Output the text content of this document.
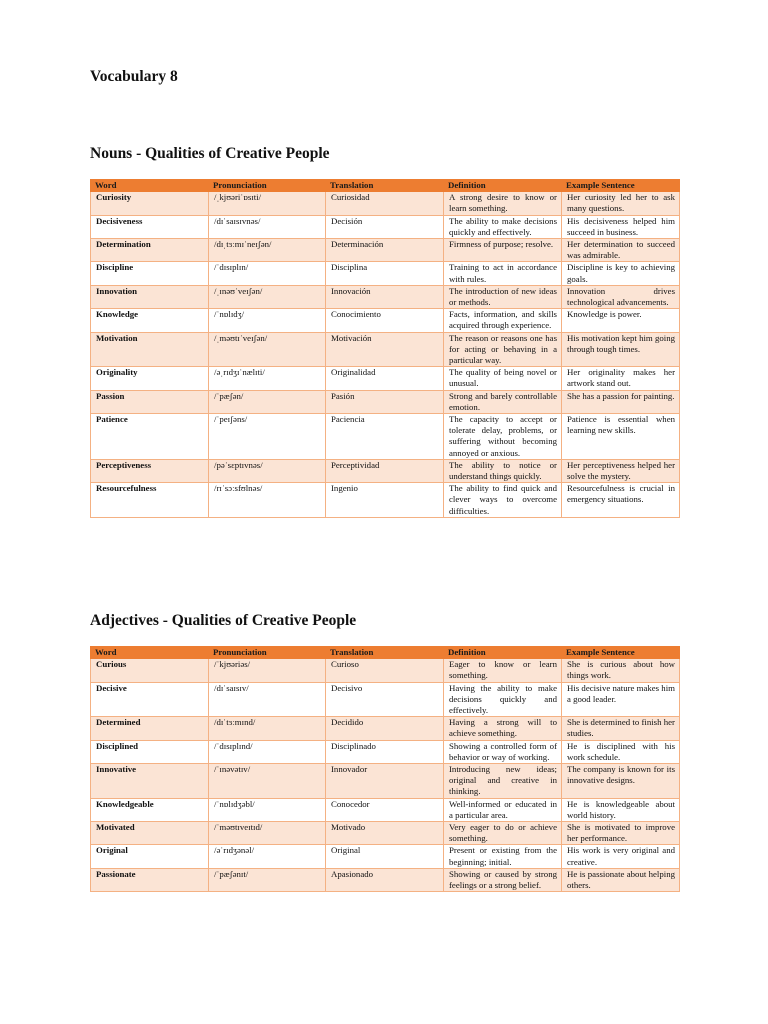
Vocabulary 8
Nouns - Qualities of Creative People
Word	Pronunciation	Translation	Definition	Example Sentence
Curiosity	/ˌkjʊəriˈɒsɪti/	Curiosidad	A strong desire to know or learn something.	Her curiosity led her to ask many questions.
Decisiveness	/dɪˈsaɪsɪvnəs/	Decisión	The ability to make decisions quickly and effectively.	His decisiveness helped him succeed in business.
Determination	/dɪˌtɜːmɪˈneɪʃən/	Determinación	Firmness of purpose; resolve.	Her determination to succeed was admirable.
Discipline	/ˈdɪsɪplɪn/	Disciplina	Training to act in accordance with rules.	Discipline is key to achieving goals.
Innovation	/ˌɪnəʊˈveɪʃən/	Innovación	The introduction of new ideas or methods.	Innovation drives technological advancements.
Knowledge	/ˈnɒlɪdʒ/	Conocimiento	Facts, information, and skills acquired through experience.	Knowledge is power.
Motivation	/ˌməʊtɪˈveɪʃən/	Motivación	The reason or reasons one has for acting or behaving in a particular way.	His motivation kept him going through tough times.
Originality	/əˌrɪdʒɪˈnælɪti/	Originalidad	The quality of being novel or unusual.	Her originality makes her artwork stand out.
Passion	/ˈpæʃən/	Pasión	Strong and barely controllable emotion.	She has a passion for painting.
Patience	/ˈpeɪʃəns/	Paciencia	The capacity to accept or tolerate delay, problems, or suffering without becoming annoyed or anxious.	Patience is essential when learning new skills.
Perceptiveness	/pəˈsɛptɪvnəs/	Perceptividad	The ability to notice or understand things quickly.	Her perceptiveness helped her solve the mystery.
Resourcefulness	/rɪˈsɔːsfʊlnəs/	Ingenio	The ability to find quick and clever ways to overcome difficulties.	Resourcefulness is crucial in emergency situations.
Adjectives - Qualities of Creative People
Word	Pronunciation	Translation	Definition	Example Sentence
Curious	/ˈkjʊəriəs/	Curioso	Eager to know or learn something.	She is curious about how things work.
Decisive	/dɪˈsaɪsɪv/	Decisivo	Having the ability to make decisions quickly and effectively.	His decisive nature makes him a good leader.
Determined	/dɪˈtɜːmɪnd/	Decidido	Having a strong will to achieve something.	She is determined to finish her studies.
Disciplined	/ˈdɪsɪplɪnd/	Disciplinado	Showing a controlled form of behavior or way of working.	He is disciplined with his work schedule.
Innovative	/ˈɪnəvətɪv/	Innovador	Introducing new ideas; original and creative in thinking.	The company is known for its innovative designs.
Knowledgeable	/ˈnɒlɪdʒəbl/	Conocedor	Well-informed or educated in a particular area.	He is knowledgeable about world history.
Motivated	/ˈməʊtɪveɪtɪd/	Motivado	Very eager to do or achieve something.	She is motivated to improve her performance.
Original	/əˈrɪdʒənəl/	Original	Present or existing from the beginning; initial.	His work is very original and creative.
Passionate	/ˈpæʃənɪt/	Apasionado	Showing or caused by strong feelings or a strong belief.	He is passionate about helping others.
